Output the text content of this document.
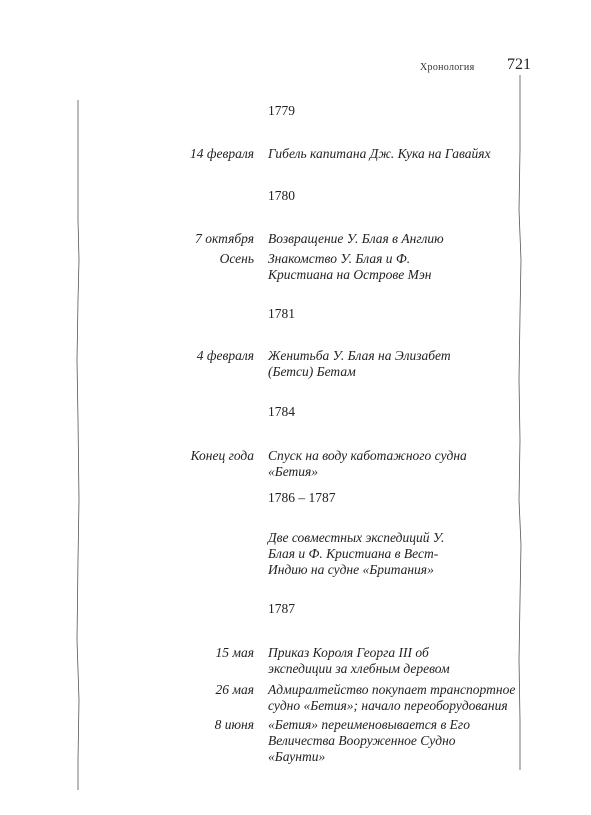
Хронология 721
1779
14 февраля Гибель капитана Дж. Кука на Гавайях
1780
7 октября Возвращение У. Блая в Англию
Осень Знакомство У. Блая и Ф. Кристиана на Острове Мэн
1781
4 февраля Женитьба У. Блая на Элизабет (Бетси) Бетам
1784
Конец года Спуск на воду каботажного судна «Бетия»
1786 – 1787
Две совместных экспедиций У. Блая и Ф. Кристиана в Вест-Индию на судне «Британия»
1787
15 мая Приказ Короля Георга III об экспедиции за хлебным деревом
26 мая Адмиралтейство покупает транспортное судно «Бетия»; начало переоборудования
8 июня «Бетия» переименовывается в Его Величества Вооруженное Судно «Баунти»
